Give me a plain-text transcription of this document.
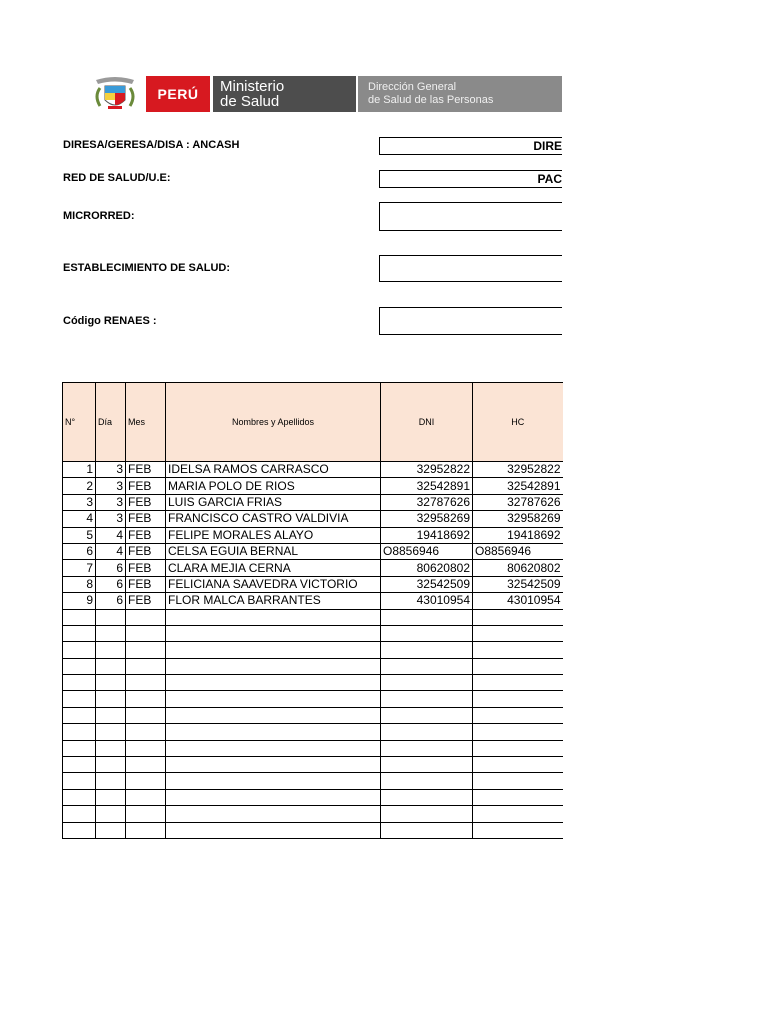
PERÚ	Ministerio
de Salud
Dirección General
de Salud de las Personas
DIRESA/GERESA/DISA : ANCASH	DIRE
RED DE SALUD/U.E:	PAC
MICRORRED:
ESTABLECIMIENTO DE SALUD:
Código RENAES :
N°	Día	Mes	Nombres y Apellidos	DNI	HC
1	3	FEB	IDELSA RAMOS CARRASCO	32952822	32952822
2	3	FEB	MARIA POLO DE RIOS	32542891	32542891
3	3	FEB	LUIS GARCIA FRIAS	32787626	32787626
4	3	FEB	FRANCISCO CASTRO VALDIVIA	32958269	32958269
5	4	FEB	FELIPE MORALES ALAYO	19418692	19418692
6	4	FEB	CELSA EGUIA BERNAL	O8856946	O8856946
7	6	FEB	CLARA MEJIA CERNA	80620802	80620802
8	6	FEB	FELICIANA SAAVEDRA VICTORIO	32542509	32542509
9	6	FEB	FLOR MALCA BARRANTES	43010954	43010954
